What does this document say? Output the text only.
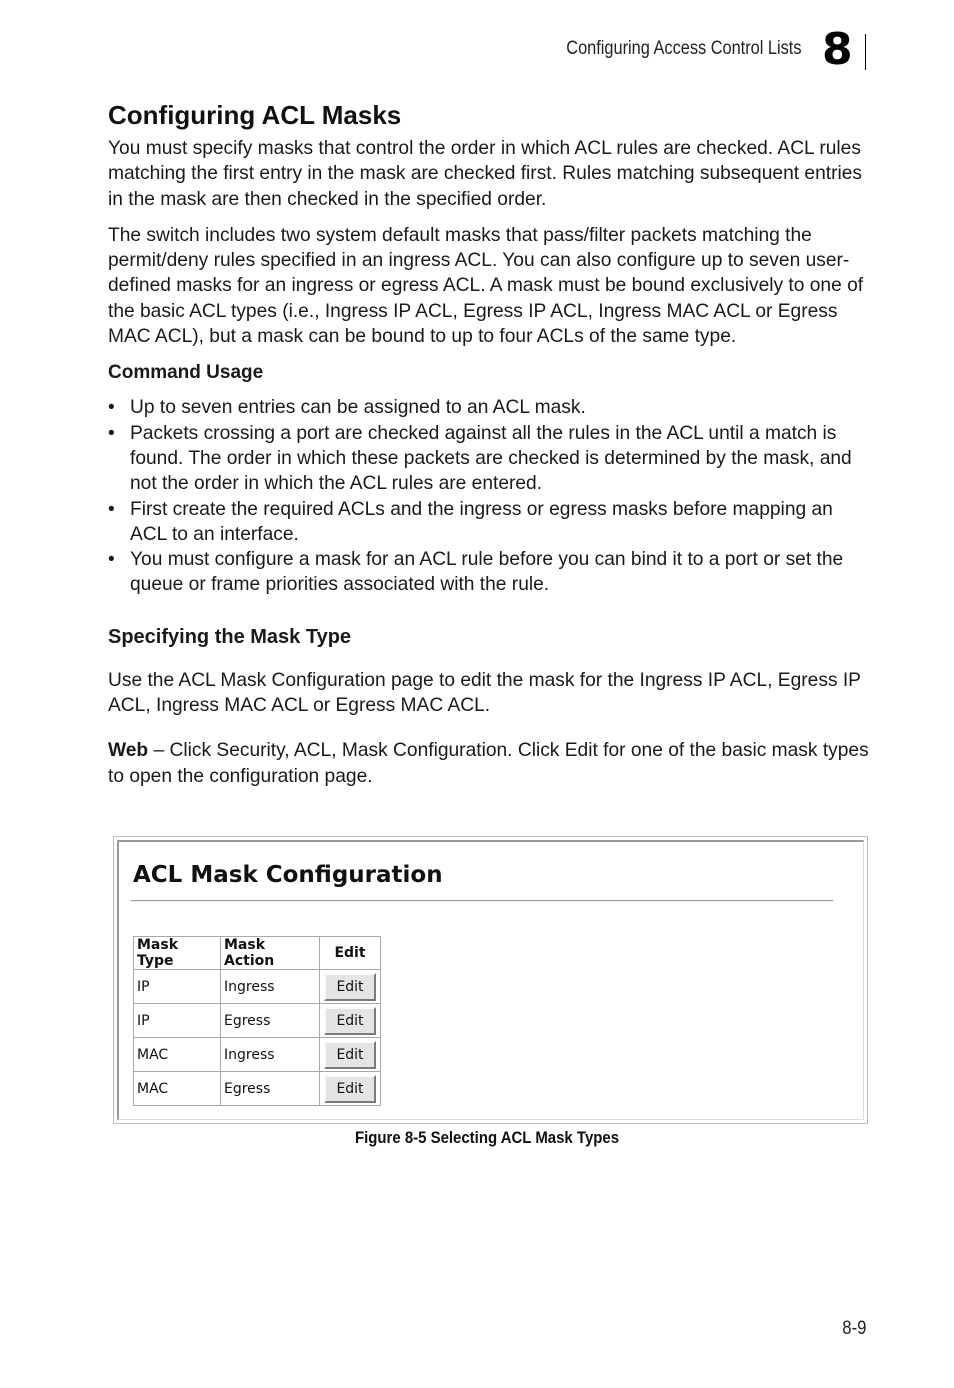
Configuring Access Control Lists 8
Configuring ACL Masks

You must specify masks that control the order in which ACL rules are checked. ACL rules matching the first entry in the mask are checked first. Rules matching subsequent entries in the mask are then checked in the specified order.

The switch includes two system default masks that pass/filter packets matching the permit/deny rules specified in an ingress ACL. You can also configure up to seven user-defined masks for an ingress or egress ACL. A mask must be bound exclusively to one of the basic ACL types (i.e., Ingress IP ACL, Egress IP ACL, Ingress MAC ACL or Egress MAC ACL), but a mask can be bound to up to four ACLs of the same type.

Command Usage
• Up to seven entries can be assigned to an ACL mask.
• Packets crossing a port are checked against all the rules in the ACL until a match is found. The order in which these packets are checked is determined by the mask, and not the order in which the ACL rules are entered.
• First create the required ACLs and the ingress or egress masks before mapping an ACL to an interface.
• You must configure a mask for an ACL rule before you can bind it to a port or set the queue or frame priorities associated with the rule.
Specifying the Mask Type

Use the ACL Mask Configuration page to edit the mask for the Ingress IP ACL, Egress IP ACL, Ingress MAC ACL or Egress MAC ACL.

Web – Click Security, ACL, Mask Configuration. Click Edit for one of the basic mask types to open the configuration page.

ACL Mask Configuration
Mask Type	Mask Action	Edit
IP	Ingress	Edit
IP	Egress	Edit
MAC	Ingress	Edit
MAC	Egress	Edit
Figure 8-5 Selecting ACL Mask Types
8-9
